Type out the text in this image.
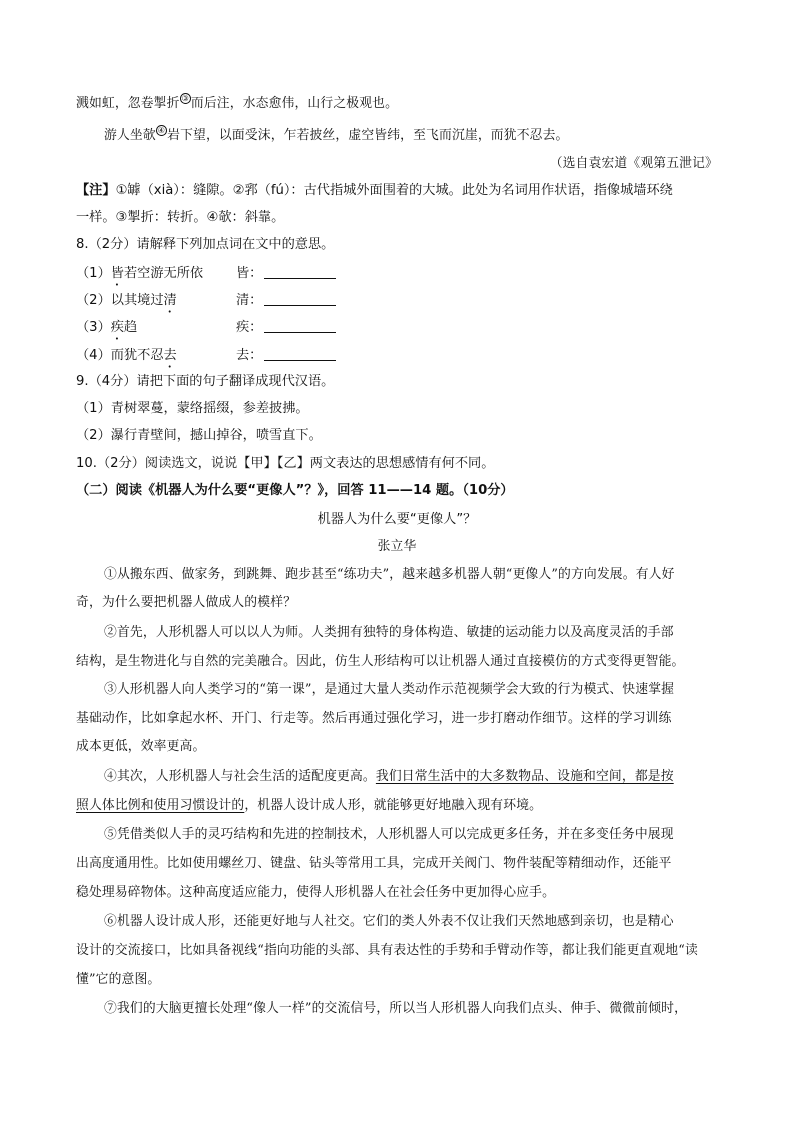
溅如虹，忽卷掣折 ③ 而后注，水态愈伟，山行之极观也。
游人坐欹 ④ 岩下望，以面受沫，乍若披丝，虚空皆纬，至飞而沉崖，而犹不忍去。
（选自袁宏道《观第五泄记》
【注】①罅（xià）：缝隙。②郛（fú）：古代指城外面围着的大城。此处为名词用作状语，指像城墙环绕
一样。③掣折：转折。④欹：斜靠。
8.（2分）请解释下列加点词在文中的意思。
（1）皆若空游无所依 皆：
（2）以其境过清	清：
（3）疾趋	疾：
（4）而犹不忍去	去：
9.（4分）请把下面的句子翻译成现代汉语。
（1）青树翠蔓，蒙络摇缀，参差披拂。
（2）瀑行青壁间，撼山掉谷，喷雪直下。
10.（2分）阅读选文，说说【甲】【乙】两文表达的思想感情有何不同。
（二）阅读《机器人为什么要“更像人”？》，回答 11——14 题。（10分）
机器人为什么要“更像人”？
张立华
①从搬东西、做家务，到跳舞、跑步甚至“练功夫”，越来越多机器人朝“更像人”的方向发展。有人好
奇，为什么要把机器人做成人的模样？
②首先，人形机器人可以以人为师。人类拥有独特的身体构造、敏捷的运动能力以及高度灵活的手部
结构，是生物进化与自然的完美融合。因此，仿生人形结构可以让机器人通过直接模仿的方式变得更智能。
③人形机器人向人类学习的“第一课”，是通过大量人类动作示范视频学会大致的行为模式、快速掌握
基础动作，比如拿起水杯、开门、行走等。然后再通过强化学习，进一步打磨动作细节。这样的学习训练
成本更低，效率更高。
④其次，人形机器人与社会生活的适配度更高。我们日常生活中的大多数物品、设施和空间，都是按
照人体比例和使用习惯设计的，机器人设计成人形，就能够更好地融入现有环境。
⑤凭借类似人手的灵巧结构和先进的控制技术，人形机器人可以完成更多任务，并在多变任务中展现
出高度通用性。比如使用螺丝刀、键盘、钻头等常用工具，完成开关阀门、物件装配等精细动作，还能平
稳处理易碎物体。这种高度适应能力，使得人形机器人在社会任务中更加得心应手。
⑥机器人设计成人形，还能更好地与人社交。它们的类人外表不仅让我们天然地感到亲切，也是精心
设计的交流接口，比如具备视线“指向功能的头部、具有表达性的手势和手臂动作等，都让我们能更直观地“读
懂”它的意图。
⑦我们的大脑更擅长处理“像人一样”的交流信号，所以当人形机器人向我们点头、伸手、微微前倾时，
